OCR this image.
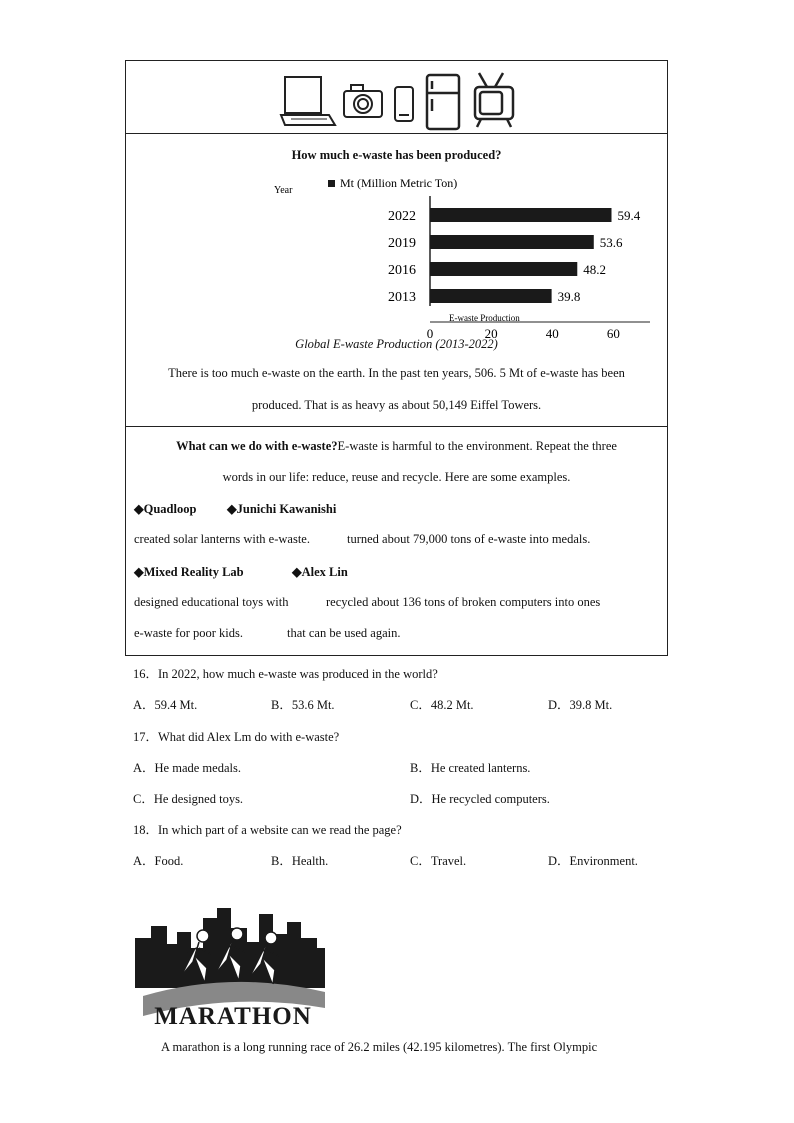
How much e-waste has been produced?
Mt (Million Metric Ton)
Year
E-waste Production
2022	59.4
2019	53.6
2016	48.2
2013	39.8
0	20	40	60
Global E-waste Production (2013-2022)
There is too much e-waste on the earth. In the past ten years, 506. 5 Mt of e-waste has been
produced. That is as heavy as about 50,149 Eiffel Towers.
What can we do with e-waste?E-waste is harmful to the environment. Repeat the three
words in our life: reduce, reuse and recycle. Here are some examples.
◆Quadloop ◆Junichi Kawanishi
created solar lanterns with e-waste.	turned about 79,000 tons of e-waste into medals.
◆Mixed Reality Lab	◆Alex Lin
designed educational toys with	recycled about 136 tons of broken computers into ones
e-waste for poor kids.	that can be used again.
16．In 2022, how much e-waste was produced in the world?
A．59.4 Mt.	B．53.6 Mt.	C．48.2 Mt.	D．39.8 Mt.
17．What did Alex Lm do with e-waste?
A．He made medals.	B．He created lanterns.
C．He designed toys.	D．He recycled computers.
18．In which part of a website can we read the page?
A．Food.	B．Health.	C．Travel.	D．Environment.
MARATHON
A marathon is a long running race of 26.2 miles (42.195 kilometres). The first Olympic
